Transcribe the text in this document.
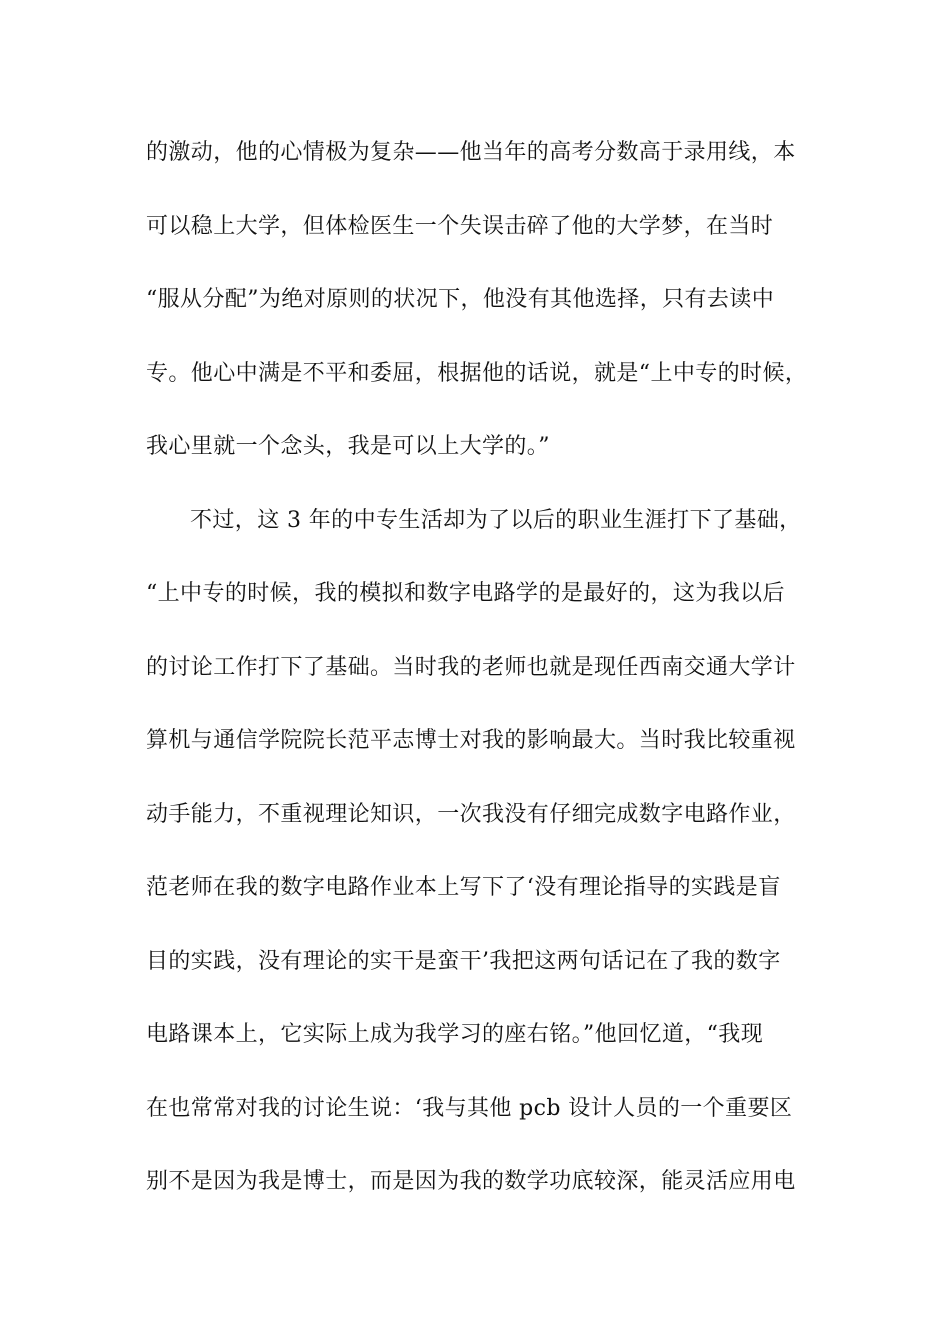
的激动，他的心情极为复杂——他当年的高考分数高于录用线，本
可以稳上大学，但体检医生一个失误击碎了他的大学梦，在当时
“服从分配”为绝对原则的状况下，他没有其他选择，只有去读中
专。他心中满是不平和委屈，根据他的话说，就是“上中专的时候，
我心里就一个念头，我是可以上大学的。”
不过，这 3 年的中专生活却为了以后的职业生涯打下了基础，
“上中专的时候，我的模拟和数字电路学的是最好的，这为我以后
的讨论工作打下了基础。当时我的老师也就是现任西南交通大学计
算机与通信学院院长范平志博士对我的影响最大。当时我比较重视
动手能力，不重视理论知识，一次我没有仔细完成数字电路作业，
范老师在我的数字电路作业本上写下了‘没有理论指导的实践是盲
目的实践，没有理论的实干是蛮干’我把这两句话记在了我的数字
电路课本上，它实际上成为我学习的座右铭。”他回忆道，“我现
在也常常对我的讨论生说：‘我与其他 pcb 设计人员的一个重要区
别不是因为我是博士，而是因为我的数学功底较深，能灵活应用电
